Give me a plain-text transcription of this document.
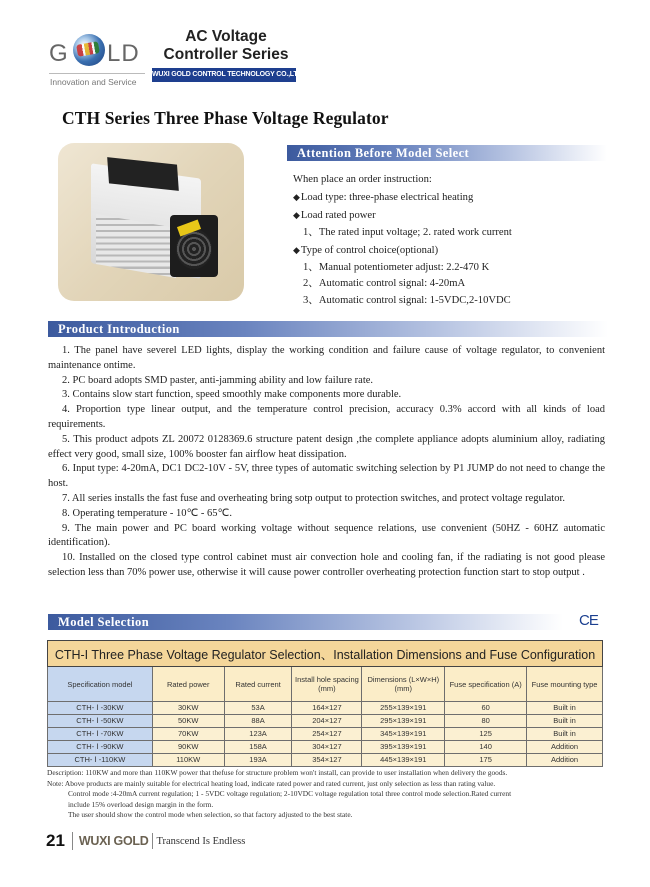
G LD
Innovation and Service
AC Voltage
Controller Series
WUXI GOLD CONTROL TECHNOLOGY CO.,LTD.
CTH Series Three Phase Voltage Regulator
Attention Before Model Select
When place an order instruction:
◆ Load type: three-phase electrical heating
◆ Load rated power
1、The rated input voltage; 2. rated work current
◆ Type of control choice(optional)
1、Manual potentiometer adjust: 2.2-470 K
2、Automatic control signal: 4-20mA
3、Automatic control signal: 1-5VDC,2-10VDC
Product Introduction

1. The panel have severel LED lights, display the working condition and failure cause of voltage regulator, to convenient maintenance ontime.

2. PC board adopts SMD paster, anti-jamming ability and low failure rate.

3. Contains slow start function, speed smoothly make components more durable.

4. Proportion type linear output, and the temperature control precision, accuracy 0.3% accord with all kinds of load requirements.

5. This product adpots ZL 20072 0128369.6 structure patent design ,the complete appliance adopts aluminium alloy, radiating effect very good, small size, 100% booster fan airflow heat dissipation.

6. Input type: 4-20mA, DC1 DC2-10V - 5V, three types of automatic switching selection by P1 JUMP do not need to change the host.

7. All series installs the fast fuse and overheating bring sotp output to protection switches, and protect voltage regulator.

8. Operating temperature - 10℃ - 65℃.

9. The main power and PC board working voltage without sequence relations, use convenient (50HZ - 60HZ automatic identification).

10. Installed on the closed type control cabinet must air convection hole and cooling fan, if the radiating is not good please selection less than 70% power use, otherwise it will cause power controller overheating protection function start to stop output .

Model Selection	CE
CTH-I Three Phase Voltage Regulator Selection、Installation Dimensions and Fuse Configuration						
Specification model	Rated power	Rated current	Install hole spacing (mm)	Dimensions (L×W×H) (mm)	Fuse specification (A)	Fuse mounting type
CTH- Ⅰ -30KW	30KW	53A	164×127	255×139×191	60	Built in
CTH- Ⅰ -50KW	50KW	88A	204×127	295×139×191	80	Built in
CTH- Ⅰ -70KW	70KW	123A	254×127	345×139×191	125	Built in
CTH- Ⅰ -90KW	90KW	158A	304×127	395×139×191	140	Addition
CTH- Ⅰ -110KW	110KW	193A	354×127	445×139×191	175	Addition
Description: 110KW and more than 110KW power that thefuse for structure problem won't install, can provide to user installation when delivery the goods.
Note: Above products are mainly suitable for electrical heating load, indicate rated power and rated current, just only selection as less than rating value.
Control mode :4-20mA current regulation; 1 - 5VDC voltage regulation; 2-10VDC voltage regulation total three control mode selection.Rated current
include 15% overload design margin in the form.
The user should show the control mode when selection, so that factory adjusted to the best state.
21 WUXI GOLD Transcend Is Endless
